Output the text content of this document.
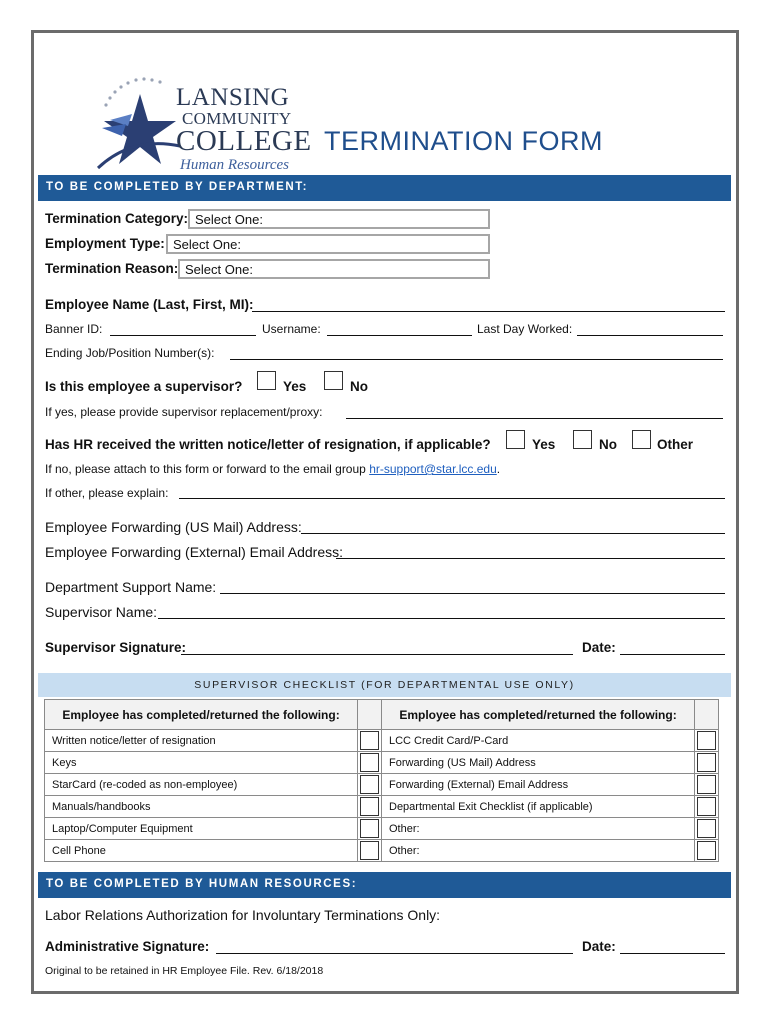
LANSING
COMMUNITY
COLLEGE
Human Resources
TERMINATION FORM
TO BE COMPLETED BY DEPARTMENT:
Termination Category: Select One:
Employment Type: Select One:
Termination Reason: Select One:
Employee Name (Last, First, MI):
Banner ID:	Username:	Last Day Worked:
Ending Job/Position Number(s):
Is this employee a supervisor?	Yes	No
If yes, please provide supervisor replacement/proxy:
Has HR received the written notice/letter of resignation, if applicable?	Yes	No	Other
If no, please attach to this form or forward to the email group hr-support@star.lcc.edu.
If other, please explain:
Employee Forwarding (US Mail) Address:
Employee Forwarding (External) Email Address:
Department Support Name:
Supervisor Name:
Supervisor Signature:	Date:
SUPERVISOR CHECKLIST (FOR DEPARTMENTAL USE ONLY)
Employee has completed/returned the following:		Employee has completed/returned the following:	
Written notice/letter of resignation		LCC Credit Card/P-Card	

Keys		Forwarding (US Mail) Address	

StarCard (re-coded as non-employee)		Forwarding (External) Email Address	

Manuals/handbooks		Departmental Exit Checklist (if applicable)	

Laptop/Computer Equipment		Other:	

Cell Phone		Other:	
TO BE COMPLETED BY HUMAN RESOURCES:
Labor Relations Authorization for Involuntary Terminations Only:
Administrative Signature:	Date:
Original to be retained in HR Employee File. Rev. 6/18/2018
